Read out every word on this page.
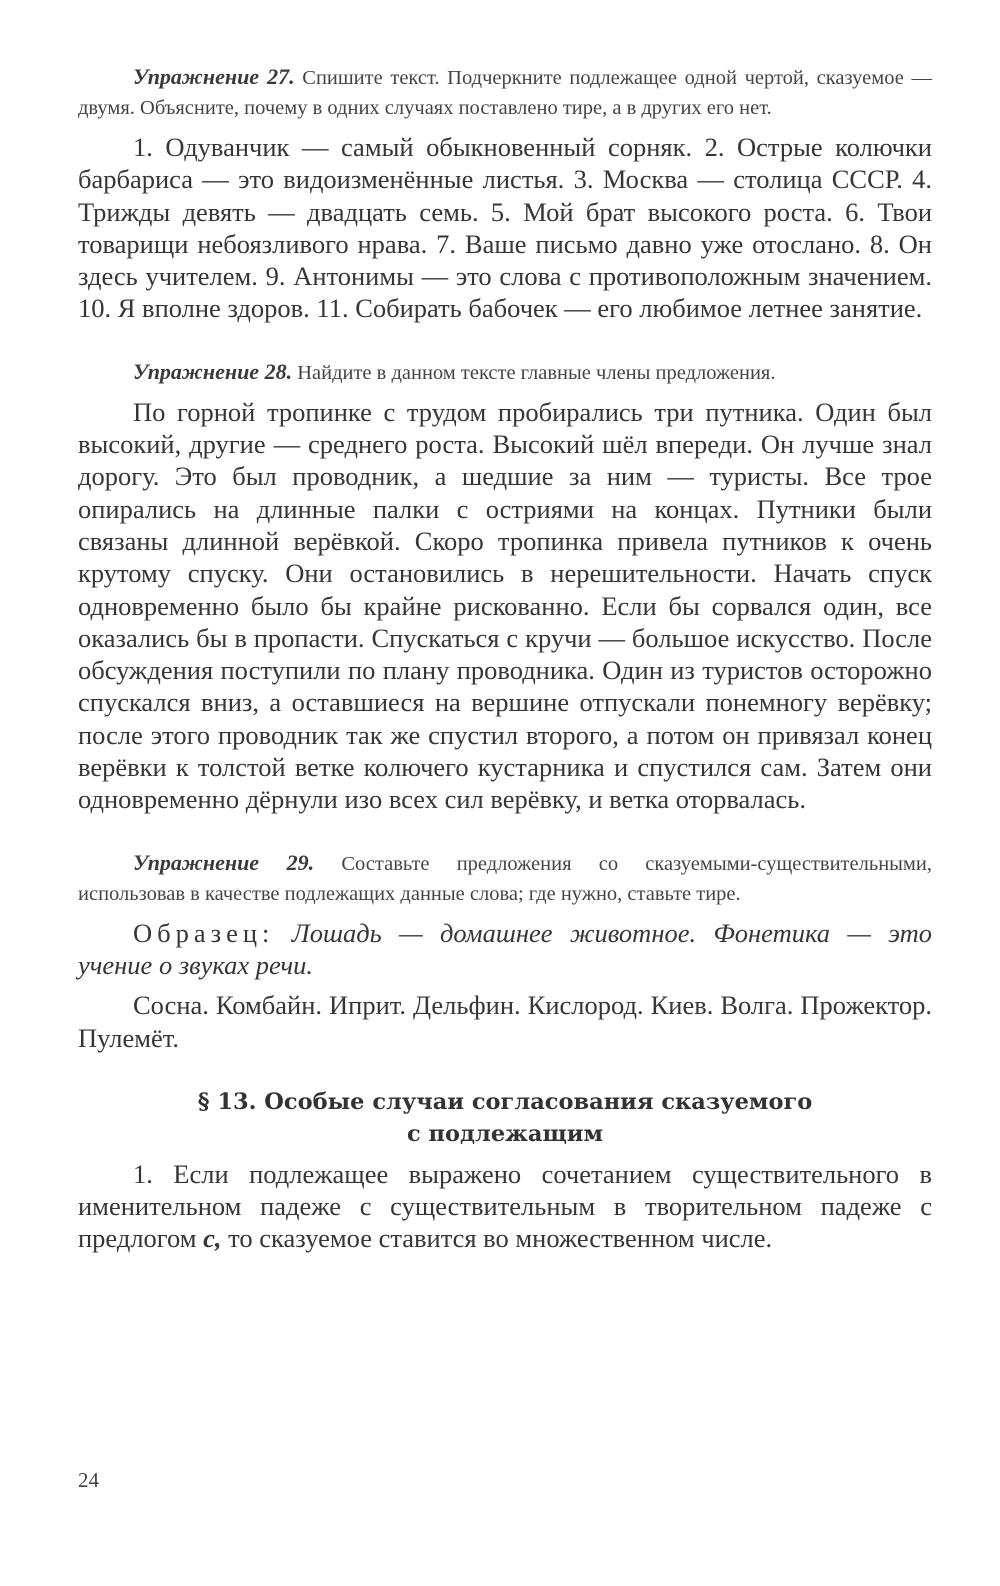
Упражнение 27. Спишите текст. Подчеркните подлежащее одной чертой, сказуемое — двумя. Объясните, почему в одних случаях поставлено тире, а в других его нет.

1. Одуванчик — самый обыкновенный сорняк. 2. Острые колючки барбариса — это видоизменённые листья. 3. Москва — столица СССР. 4. Трижды девять — двадцать семь. 5. Мой брат высокого роста. 6. Твои товарищи небоязливого нрава. 7. Ваше письмо давно уже отослано. 8. Он здесь учителем. 9. Антонимы — это слова с противоположным значением. 10. Я вполне здоров. 11. Собирать бабочек — его любимое летнее занятие.

Упражнение 28. Найдите в данном тексте главные члены предложения.

По горной тропинке с трудом пробирались три путника. Один был высокий, другие — среднего роста. Высокий шёл впереди. Он лучше знал дорогу. Это был проводник, а шедшие за ним — туристы. Все трое опирались на длинные палки с остриями на концах. Путники были связаны длинной верёвкой. Скоро тропинка привела путников к очень крутому спуску. Они остановились в нерешительности. Начать спуск одновременно было бы крайне рискованно. Если бы сорвался один, все оказались бы в пропасти. Спускаться с кручи — большое искусство. После обсуждения поступили по плану проводника. Один из туристов осторожно спускался вниз, а оставшиеся на вершине отпускали понемногу верёвку; после этого проводник так же спустил второго, а потом он привязал конец верёвки к толстой ветке колючего кустарника и спустился сам. Затем они одновременно дёрнули изо всех сил верёвку, и ветка оторвалась.

Упражнение 29. Составьте предложения со сказуемыми-существительными, использовав в качестве подлежащих данные слова; где нужно, ставьте тире.

Образец: Лошадь — домашнее животное. Фонетика — это учение о звуках речи.

Сосна. Комбайн. Иприт. Дельфин. Кислород. Киев. Волга. Прожектор. Пулемёт.

§ 13. Особые случаи согласования сказуемого
с подлежащим

1. Если подлежащее выражено сочетанием существительного в именительном падеже с существительным в творительном падеже с предлогом с, то сказуемое ставится во множественном числе.

24
